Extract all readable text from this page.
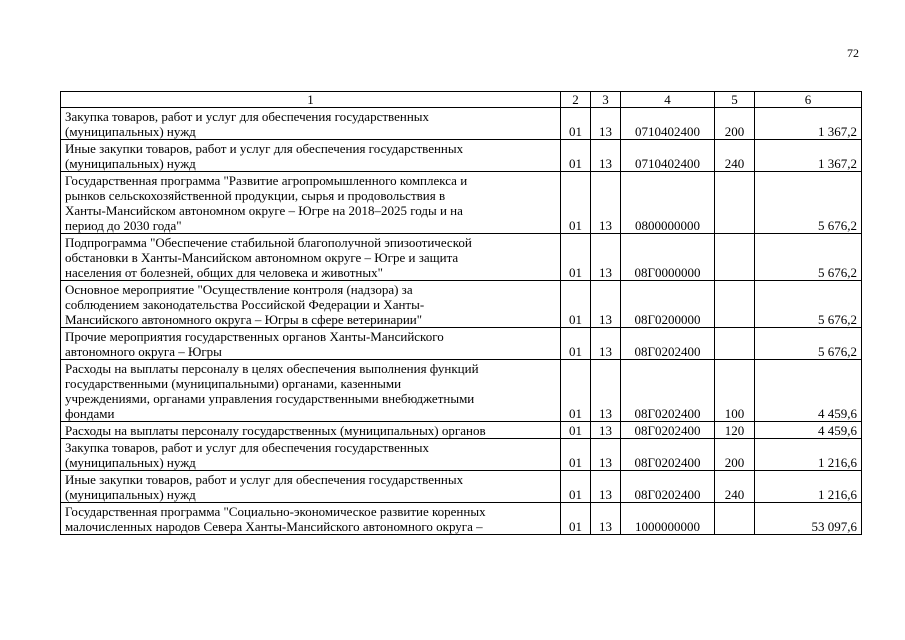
72
1	2	3	4	5	6

Закупка товаров, работ и услуг для обеспечения государственных
(муниципальных) нужд	01	13	0710402400	200	1 367,2

Иные закупки товаров, работ и услуг для обеспечения государственных
(муниципальных) нужд	01	13	0710402400	240	1 367,2

Государственная программа "Развитие агропромышленного комплекса и
рынков сельскохозяйственной продукции, сырья и продовольствия в
Ханты-Мансийском автономном округе – Югре на 2018–2025 годы и на
период до 2030 года"	01	13	0800000000		5 676,2

Подпрограмма "Обеспечение стабильной благополучной эпизоотической
обстановки в Ханты-Мансийском автономном округе – Югре и защита
населения от болезней, общих для человека и животных"	01	13	08Г0000000		5 676,2

Основное мероприятие "Осуществление контроля (надзора) за
соблюдением законодательства Российской Федерации и Ханты-
Мансийского автономного округа – Югры в сфере ветеринарии"	01	13	08Г0200000		5 676,2

Прочие мероприятия государственных органов Ханты-Мансийского
автономного округа – Югры	01	13	08Г0202400		5 676,2

Расходы на выплаты персоналу в целях обеспечения выполнения функций
государственными (муниципальными) органами, казенными
учреждениями, органами управления государственными внебюджетными
фондами	01	13	08Г0202400	100	4 459,6

Расходы на выплаты персоналу государственных (муниципальных) органов	01	13	08Г0202400	120	4 459,6

Закупка товаров, работ и услуг для обеспечения государственных
(муниципальных) нужд	01	13	08Г0202400	200	1 216,6

Иные закупки товаров, работ и услуг для обеспечения государственных
(муниципальных) нужд	01	13	08Г0202400	240	1 216,6

Государственная программа "Социально-экономическое развитие коренных
малочисленных народов Севера Ханты-Мансийского автономного округа –	01	13	1000000000		53 097,6
